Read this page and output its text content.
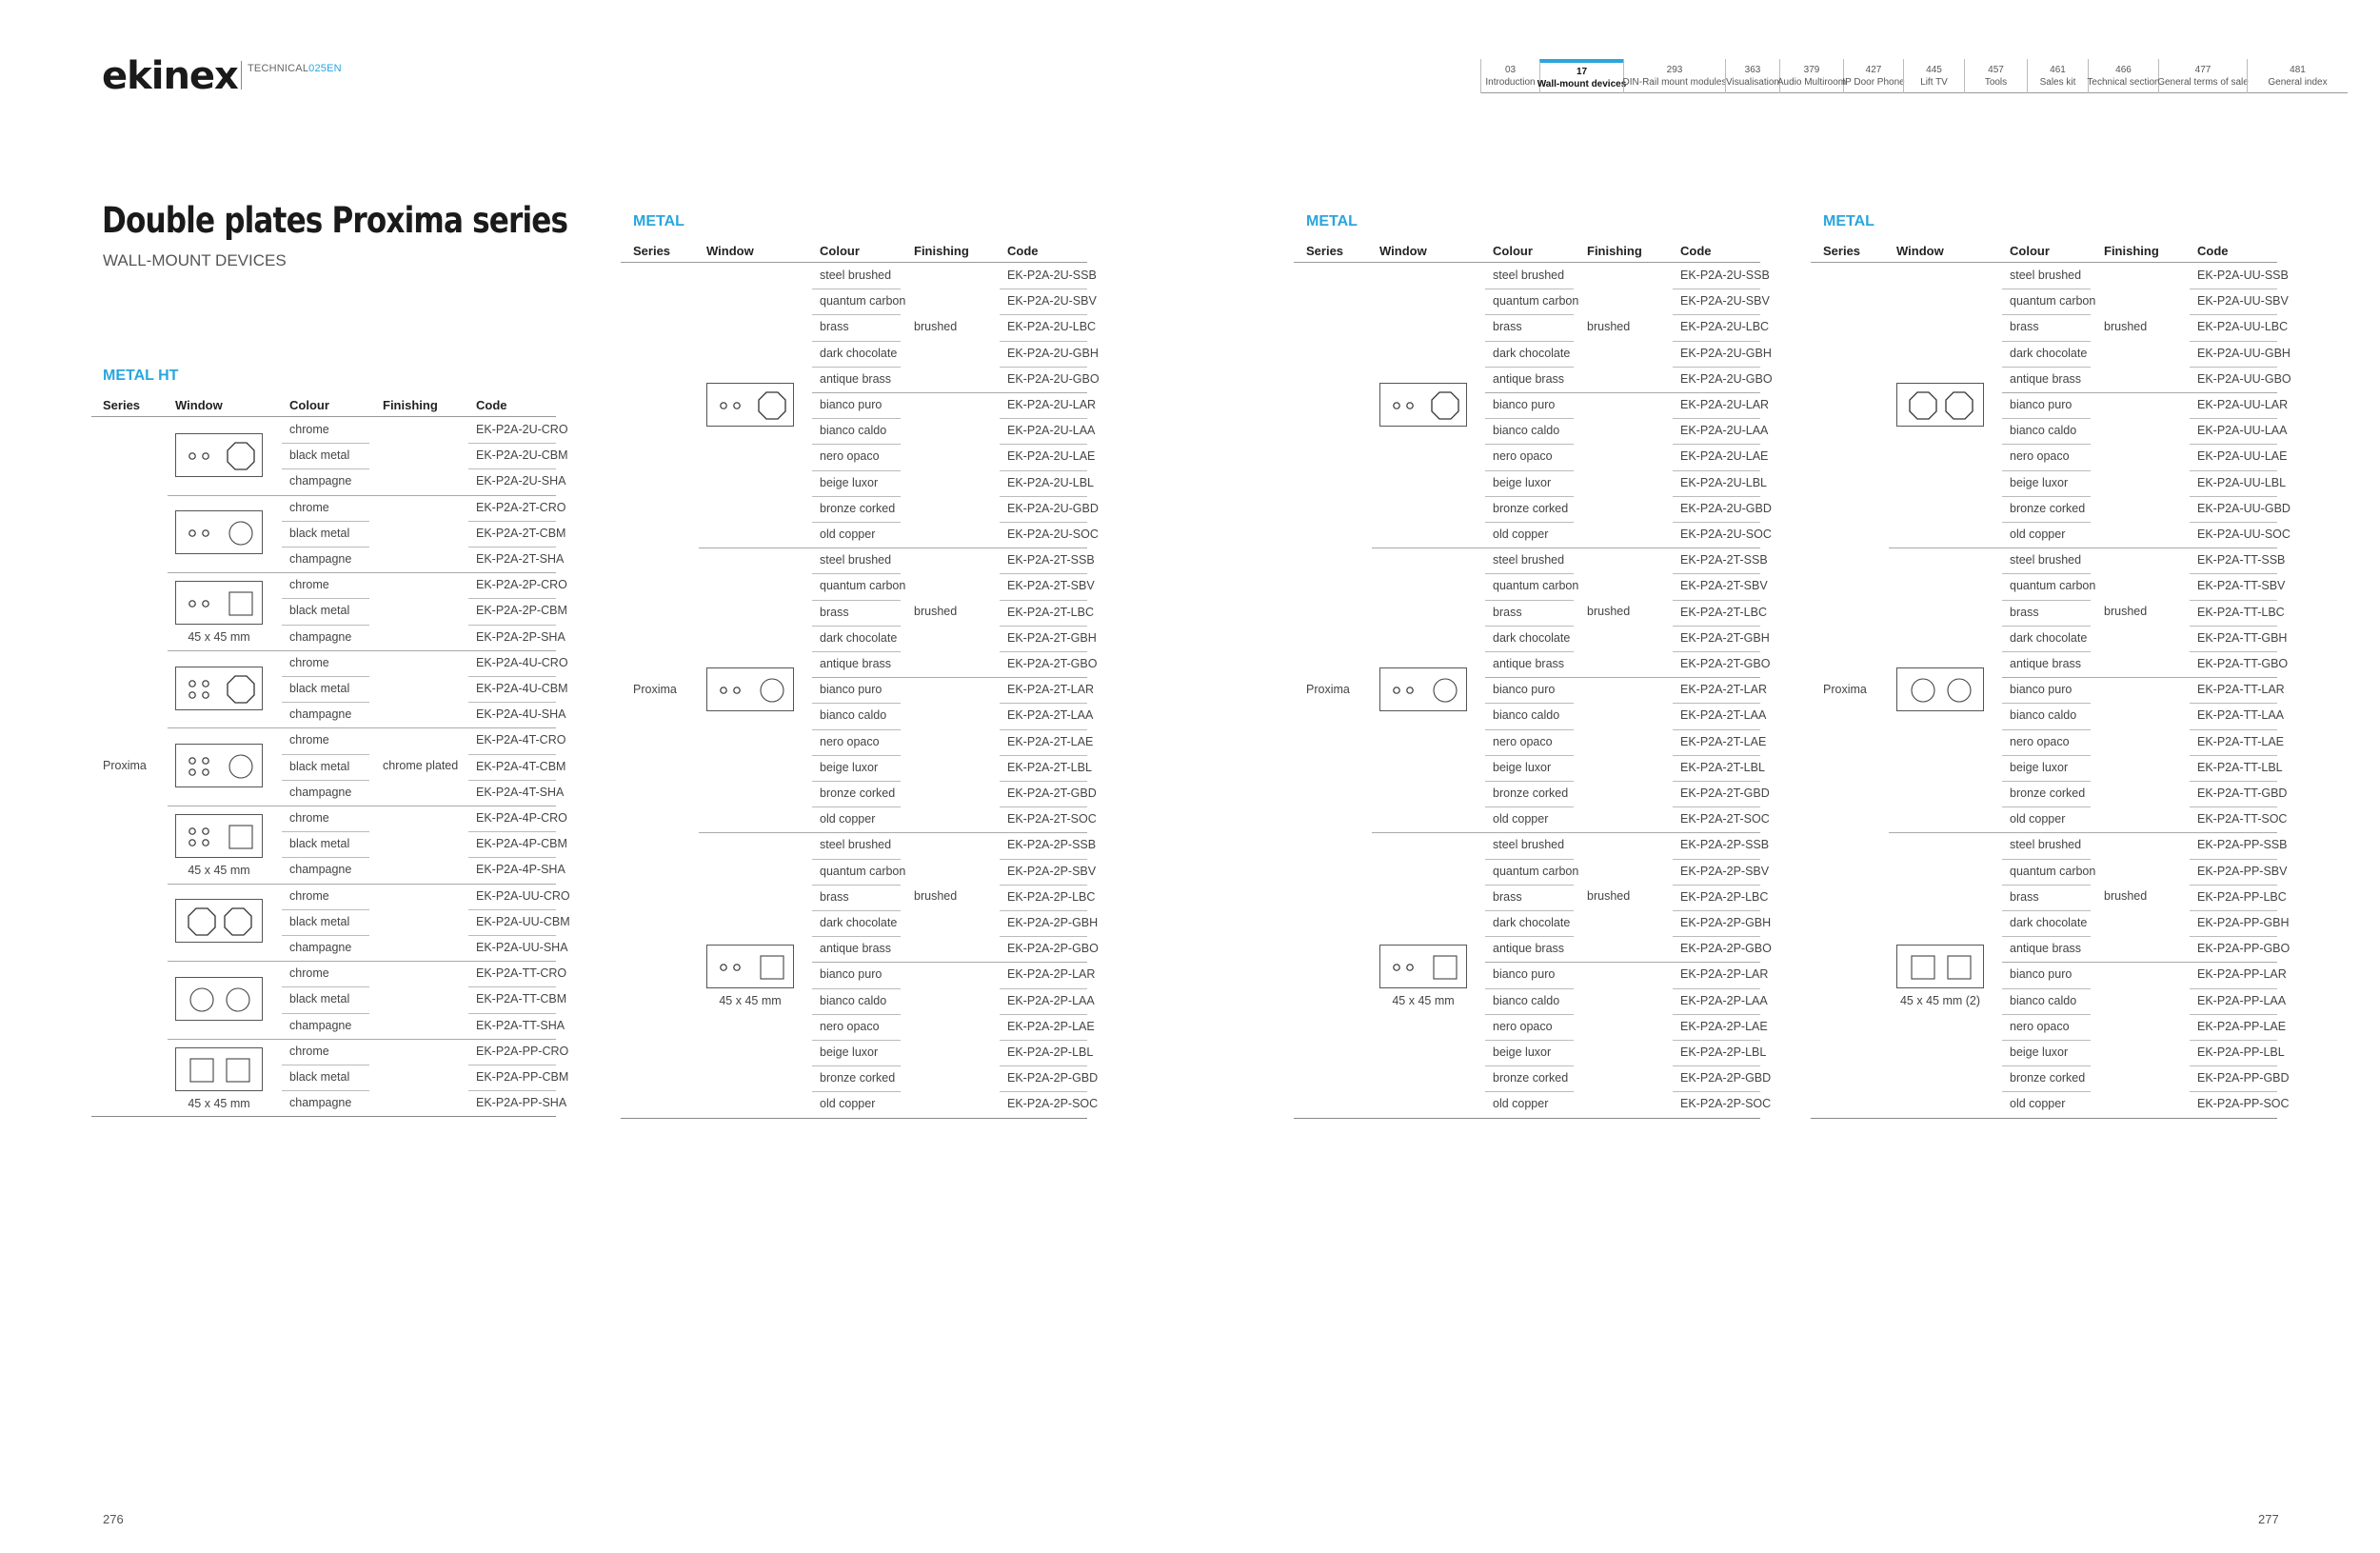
ekinex TECHNICAL025EN	03
Introduction
17
Wall-mount devices
293
DIN-Rail mount modules
363
Visualisation
379
Audio Multiroom
427
IP Door Phone
445
Lift TV
457
Tools
461
Sales kit
466
Technical section
477
General terms of sale
481
General index
Double plates Proxima series
WALL-MOUNT DEVICES
METAL HT
METAL	METAL	METAL
Series	Window	Colour	Finishing	Code
chrome	EK-P2A-2U-CRO
black metal	EK-P2A-2U-CBM
champagne	EK-P2A-2U-SHA
chrome	EK-P2A-2T-CRO
black metal	EK-P2A-2T-CBM
champagne	EK-P2A-2T-SHA
chrome	EK-P2A-2P-CRO
black metal	EK-P2A-2P-CBM
champagne	EK-P2A-2P-SHA
45 x 45 mm
chrome	EK-P2A-4U-CRO
black metal	EK-P2A-4U-CBM
champagne	EK-P2A-4U-SHA
chrome	EK-P2A-4T-CRO
black metal	EK-P2A-4T-CBM
champagne	EK-P2A-4T-SHA
chrome	EK-P2A-4P-CRO
black metal	EK-P2A-4P-CBM
champagne	EK-P2A-4P-SHA
45 x 45 mm
chrome	EK-P2A-UU-CRO
black metal	EK-P2A-UU-CBM
champagne	EK-P2A-UU-SHA
chrome	EK-P2A-TT-CRO
black metal	EK-P2A-TT-CBM
champagne	EK-P2A-TT-SHA
chrome	EK-P2A-PP-CRO
black metal	EK-P2A-PP-CBM
champagne	EK-P2A-PP-SHA
45 x 45 mm
Proxima	chrome plated
Series	Window	Colour	Finishing	Code
steel brushed	EK-P2A-2U-SSB
quantum carbon	EK-P2A-2U-SBV
brass	EK-P2A-2U-LBC
dark chocolate	EK-P2A-2U-GBH
antique brass	EK-P2A-2U-GBO
bianco puro	EK-P2A-2U-LAR
bianco caldo	EK-P2A-2U-LAA
nero opaco	EK-P2A-2U-LAE
beige luxor	EK-P2A-2U-LBL
bronze corked	EK-P2A-2U-GBD
old copper	EK-P2A-2U-SOC
brushed
steel brushed	EK-P2A-2T-SSB
quantum carbon	EK-P2A-2T-SBV
brass	EK-P2A-2T-LBC
dark chocolate	EK-P2A-2T-GBH
antique brass	EK-P2A-2T-GBO
bianco puro	EK-P2A-2T-LAR
bianco caldo	EK-P2A-2T-LAA
nero opaco	EK-P2A-2T-LAE
beige luxor	EK-P2A-2T-LBL
bronze corked	EK-P2A-2T-GBD
old copper	EK-P2A-2T-SOC
brushed
steel brushed	EK-P2A-2P-SSB
quantum carbon	EK-P2A-2P-SBV
brass	EK-P2A-2P-LBC
dark chocolate	EK-P2A-2P-GBH
antique brass	EK-P2A-2P-GBO
bianco puro	EK-P2A-2P-LAR
bianco caldo	EK-P2A-2P-LAA
nero opaco	EK-P2A-2P-LAE
beige luxor	EK-P2A-2P-LBL
bronze corked	EK-P2A-2P-GBD
old copper	EK-P2A-2P-SOC
45 x 45 mm
brushed
Proxima
Series	Window	Colour	Finishing	Code
steel brushed	EK-P2A-2U-SSB
quantum carbon	EK-P2A-2U-SBV
brass	EK-P2A-2U-LBC
dark chocolate	EK-P2A-2U-GBH
antique brass	EK-P2A-2U-GBO
bianco puro	EK-P2A-2U-LAR
bianco caldo	EK-P2A-2U-LAA
nero opaco	EK-P2A-2U-LAE
beige luxor	EK-P2A-2U-LBL
bronze corked	EK-P2A-2U-GBD
old copper	EK-P2A-2U-SOC
brushed
steel brushed	EK-P2A-2T-SSB
quantum carbon	EK-P2A-2T-SBV
brass	EK-P2A-2T-LBC
dark chocolate	EK-P2A-2T-GBH
antique brass	EK-P2A-2T-GBO
bianco puro	EK-P2A-2T-LAR
bianco caldo	EK-P2A-2T-LAA
nero opaco	EK-P2A-2T-LAE
beige luxor	EK-P2A-2T-LBL
bronze corked	EK-P2A-2T-GBD
old copper	EK-P2A-2T-SOC
brushed
steel brushed	EK-P2A-2P-SSB
quantum carbon	EK-P2A-2P-SBV
brass	EK-P2A-2P-LBC
dark chocolate	EK-P2A-2P-GBH
antique brass	EK-P2A-2P-GBO
bianco puro	EK-P2A-2P-LAR
bianco caldo	EK-P2A-2P-LAA
nero opaco	EK-P2A-2P-LAE
beige luxor	EK-P2A-2P-LBL
bronze corked	EK-P2A-2P-GBD
old copper	EK-P2A-2P-SOC
45 x 45 mm
brushed
Proxima
Series	Window	Colour	Finishing	Code
steel brushed	EK-P2A-UU-SSB
quantum carbon	EK-P2A-UU-SBV
brass	EK-P2A-UU-LBC
dark chocolate	EK-P2A-UU-GBH
antique brass	EK-P2A-UU-GBO
bianco puro	EK-P2A-UU-LAR
bianco caldo	EK-P2A-UU-LAA
nero opaco	EK-P2A-UU-LAE
beige luxor	EK-P2A-UU-LBL
bronze corked	EK-P2A-UU-GBD
old copper	EK-P2A-UU-SOC
brushed
steel brushed	EK-P2A-TT-SSB
quantum carbon	EK-P2A-TT-SBV
brass	EK-P2A-TT-LBC
dark chocolate	EK-P2A-TT-GBH
antique brass	EK-P2A-TT-GBO
bianco puro	EK-P2A-TT-LAR
bianco caldo	EK-P2A-TT-LAA
nero opaco	EK-P2A-TT-LAE
beige luxor	EK-P2A-TT-LBL
bronze corked	EK-P2A-TT-GBD
old copper	EK-P2A-TT-SOC
brushed
steel brushed	EK-P2A-PP-SSB
quantum carbon	EK-P2A-PP-SBV
brass	EK-P2A-PP-LBC
dark chocolate	EK-P2A-PP-GBH
antique brass	EK-P2A-PP-GBO
bianco puro	EK-P2A-PP-LAR
bianco caldo	EK-P2A-PP-LAA
nero opaco	EK-P2A-PP-LAE
beige luxor	EK-P2A-PP-LBL
bronze corked	EK-P2A-PP-GBD
old copper	EK-P2A-PP-SOC
45 x 45 mm (2)
brushed
Proxima
276	277
